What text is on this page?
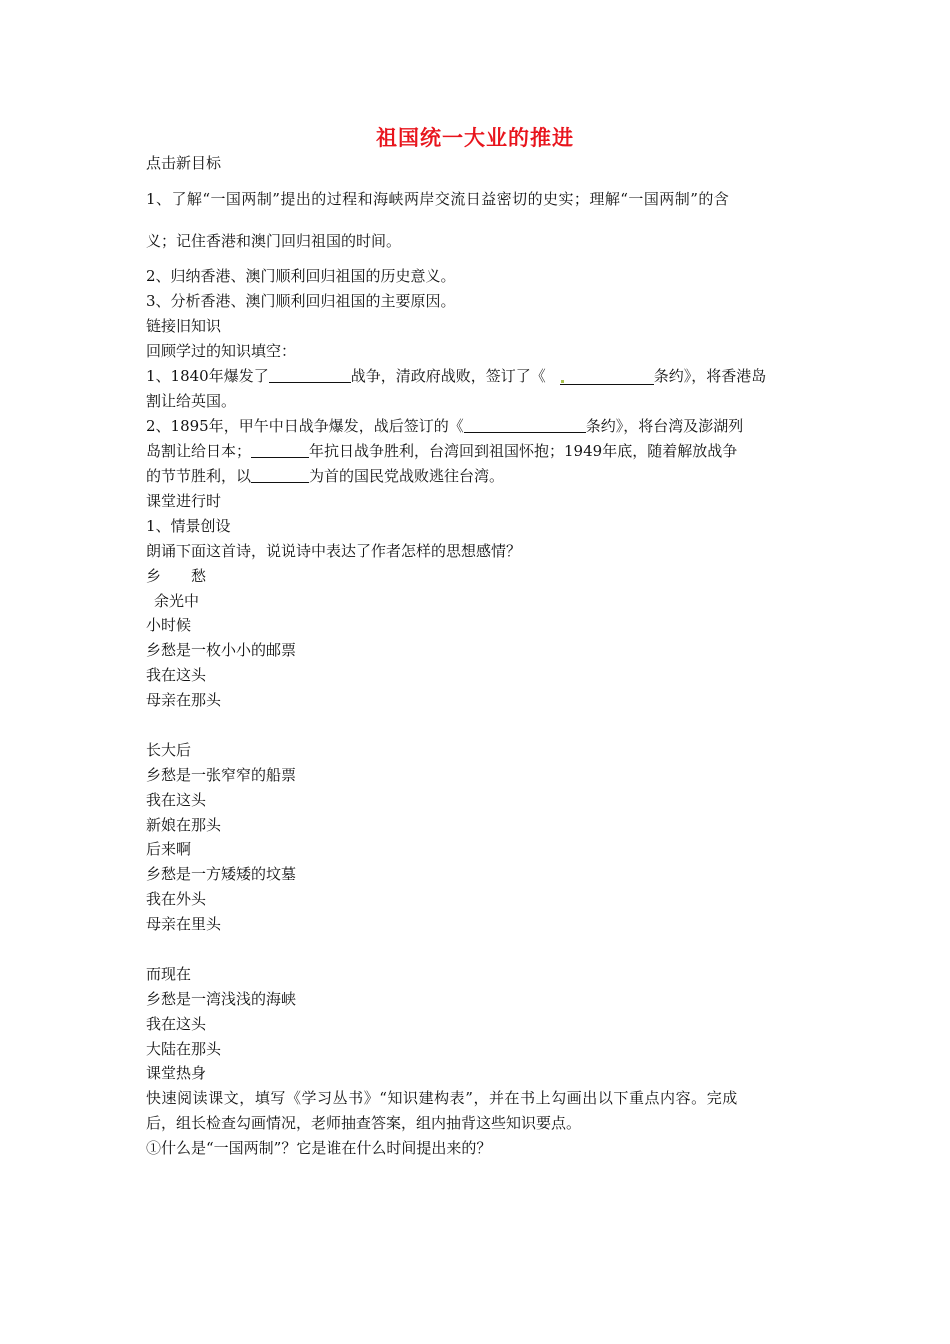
祖国统一大业的推进
点击新目标
1、了解“一国两制”提出的过程和海峡两岸交流日益密切的史实；理解“一国两制”的含
义；记住香港和澳门回归祖国的时间。
2、归纳香港、澳门顺利回归祖国的历史意义。
3、分析香港、澳门顺利回归祖国的主要原因。
链接旧知识
回顾学过的知识填空：
1、1840年爆发了	战争，清政府战败，签订了《	条约》，将香港岛
割让给英国。
2、1895年，甲午中日战争爆发，战后签订的《	条约》，将台湾及澎湖列
岛割让给日本；	年抗日战争胜利，台湾回到祖国怀抱；1949年底，随着解放战争
的节节胜利，以	为首的国民党战败逃往台湾。
课堂进行时
1、情景创设
朗诵下面这首诗，说说诗中表达了作者怎样的思想感情？
乡　　愁
余光中
小时候
乡愁是一枚小小的邮票
我在这头
母亲在那头
长大后
乡愁是一张窄窄的船票
我在这头
新娘在那头
后来啊
乡愁是一方矮矮的坟墓
我在外头
母亲在里头
而现在
乡愁是一湾浅浅的海峡
我在这头
大陆在那头
课堂热身
快速阅读课文，填写《学习丛书》“知识建构表”，并在书上勾画出以下重点内容。完成
后，组长检查勾画情况，老师抽查答案，组内抽背这些知识要点。
①什么是“一国两制”？它是谁在什么时间提出来的？
